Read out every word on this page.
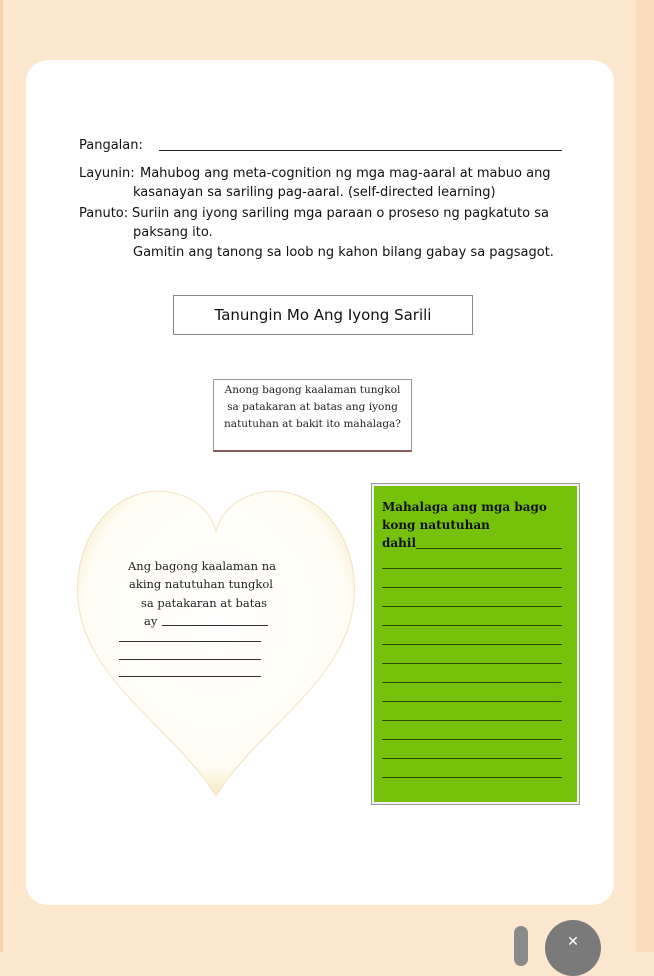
Pangalan:
Layunin: Mahubog ang meta-cognition ng mga mag-aaral at mabuo ang
kasanayan sa sariling pag-aaral. (self-directed learning)
Panuto: Suriin ang iyong sariling mga paraan o proseso ng pagkatuto sa
paksang ito.
Gamitin ang tanong sa loob ng kahon bilang gabay sa pagsagot.
Tanungin Mo Ang Iyong Sarili
Anong bagong kaalaman tungkol
sa patakaran at batas ang iyong
natutuhan at bakit ito mahalaga?
Ang bagong kaalaman na
aking natutuhan tungkol
sa patakaran at batas
ay
Mahalaga ang mga bago
kong natutuhan
dahil
✕
